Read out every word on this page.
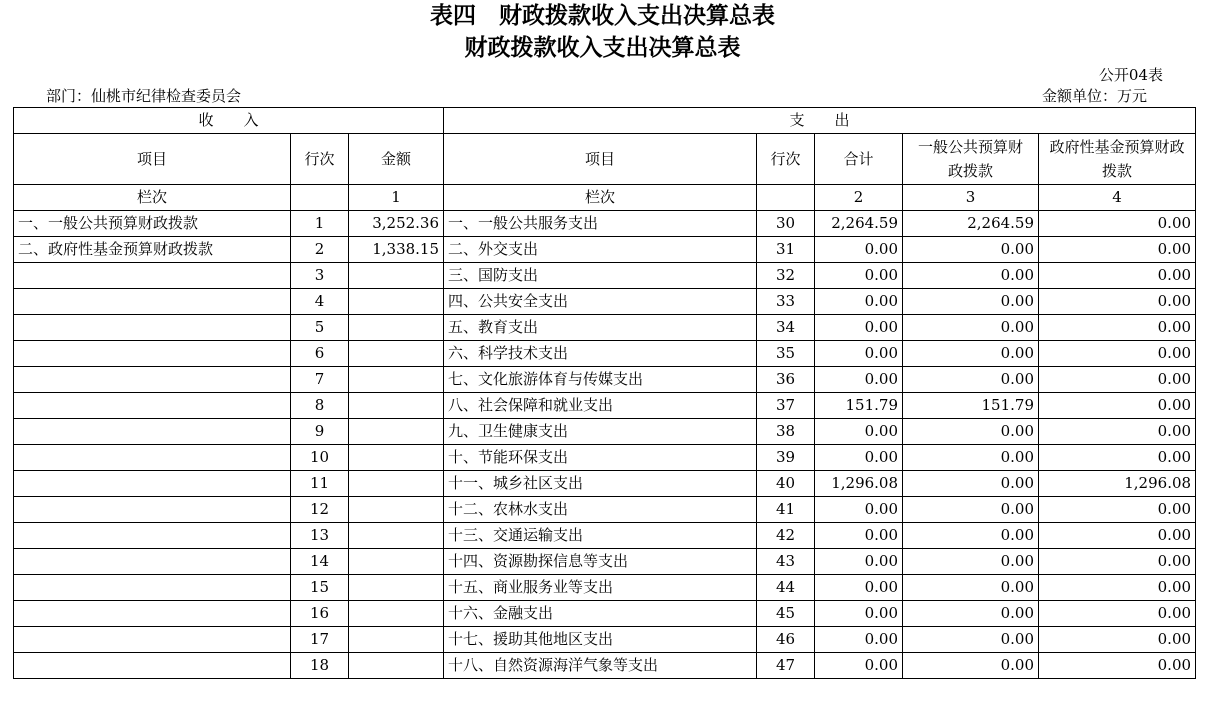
表四　财政拨款收入支出决算总表
财政拨款收入支出决算总表
公开04表
部门：仙桃市纪律检查委员会	金额单位：万元
收　　入			支　　出				
项目	行次	金额	项目	行次	合计	一般公共预算财政拨款	政府性基金预算财政拨款
栏次		1	栏次		2	3	4
一、一般公共预算财政拨款	1	3,252.36	一、一般公共服务支出	30	2,264.59	2,264.59	0.00
二、政府性基金预算财政拨款	2	1,338.15	二、外交支出	31	0.00	0.00	0.00
	3		三、国防支出	32	0.00	0.00	0.00
	4		四、公共安全支出	33	0.00	0.00	0.00
	5		五、教育支出	34	0.00	0.00	0.00
	6		六、科学技术支出	35	0.00	0.00	0.00
	7		七、文化旅游体育与传媒支出	36	0.00	0.00	0.00
	8		八、社会保障和就业支出	37	151.79	151.79	0.00
	9		九、卫生健康支出	38	0.00	0.00	0.00
	10		十、节能环保支出	39	0.00	0.00	0.00
	11		十一、城乡社区支出	40	1,296.08	0.00	1,296.08
	12		十二、农林水支出	41	0.00	0.00	0.00
	13		十三、交通运输支出	42	0.00	0.00	0.00
	14		十四、资源勘探信息等支出	43	0.00	0.00	0.00
	15		十五、商业服务业等支出	44	0.00	0.00	0.00
	16		十六、金融支出	45	0.00	0.00	0.00
	17		十七、援助其他地区支出	46	0.00	0.00	0.00
	18		十八、自然资源海洋气象等支出	47	0.00	0.00	0.00
